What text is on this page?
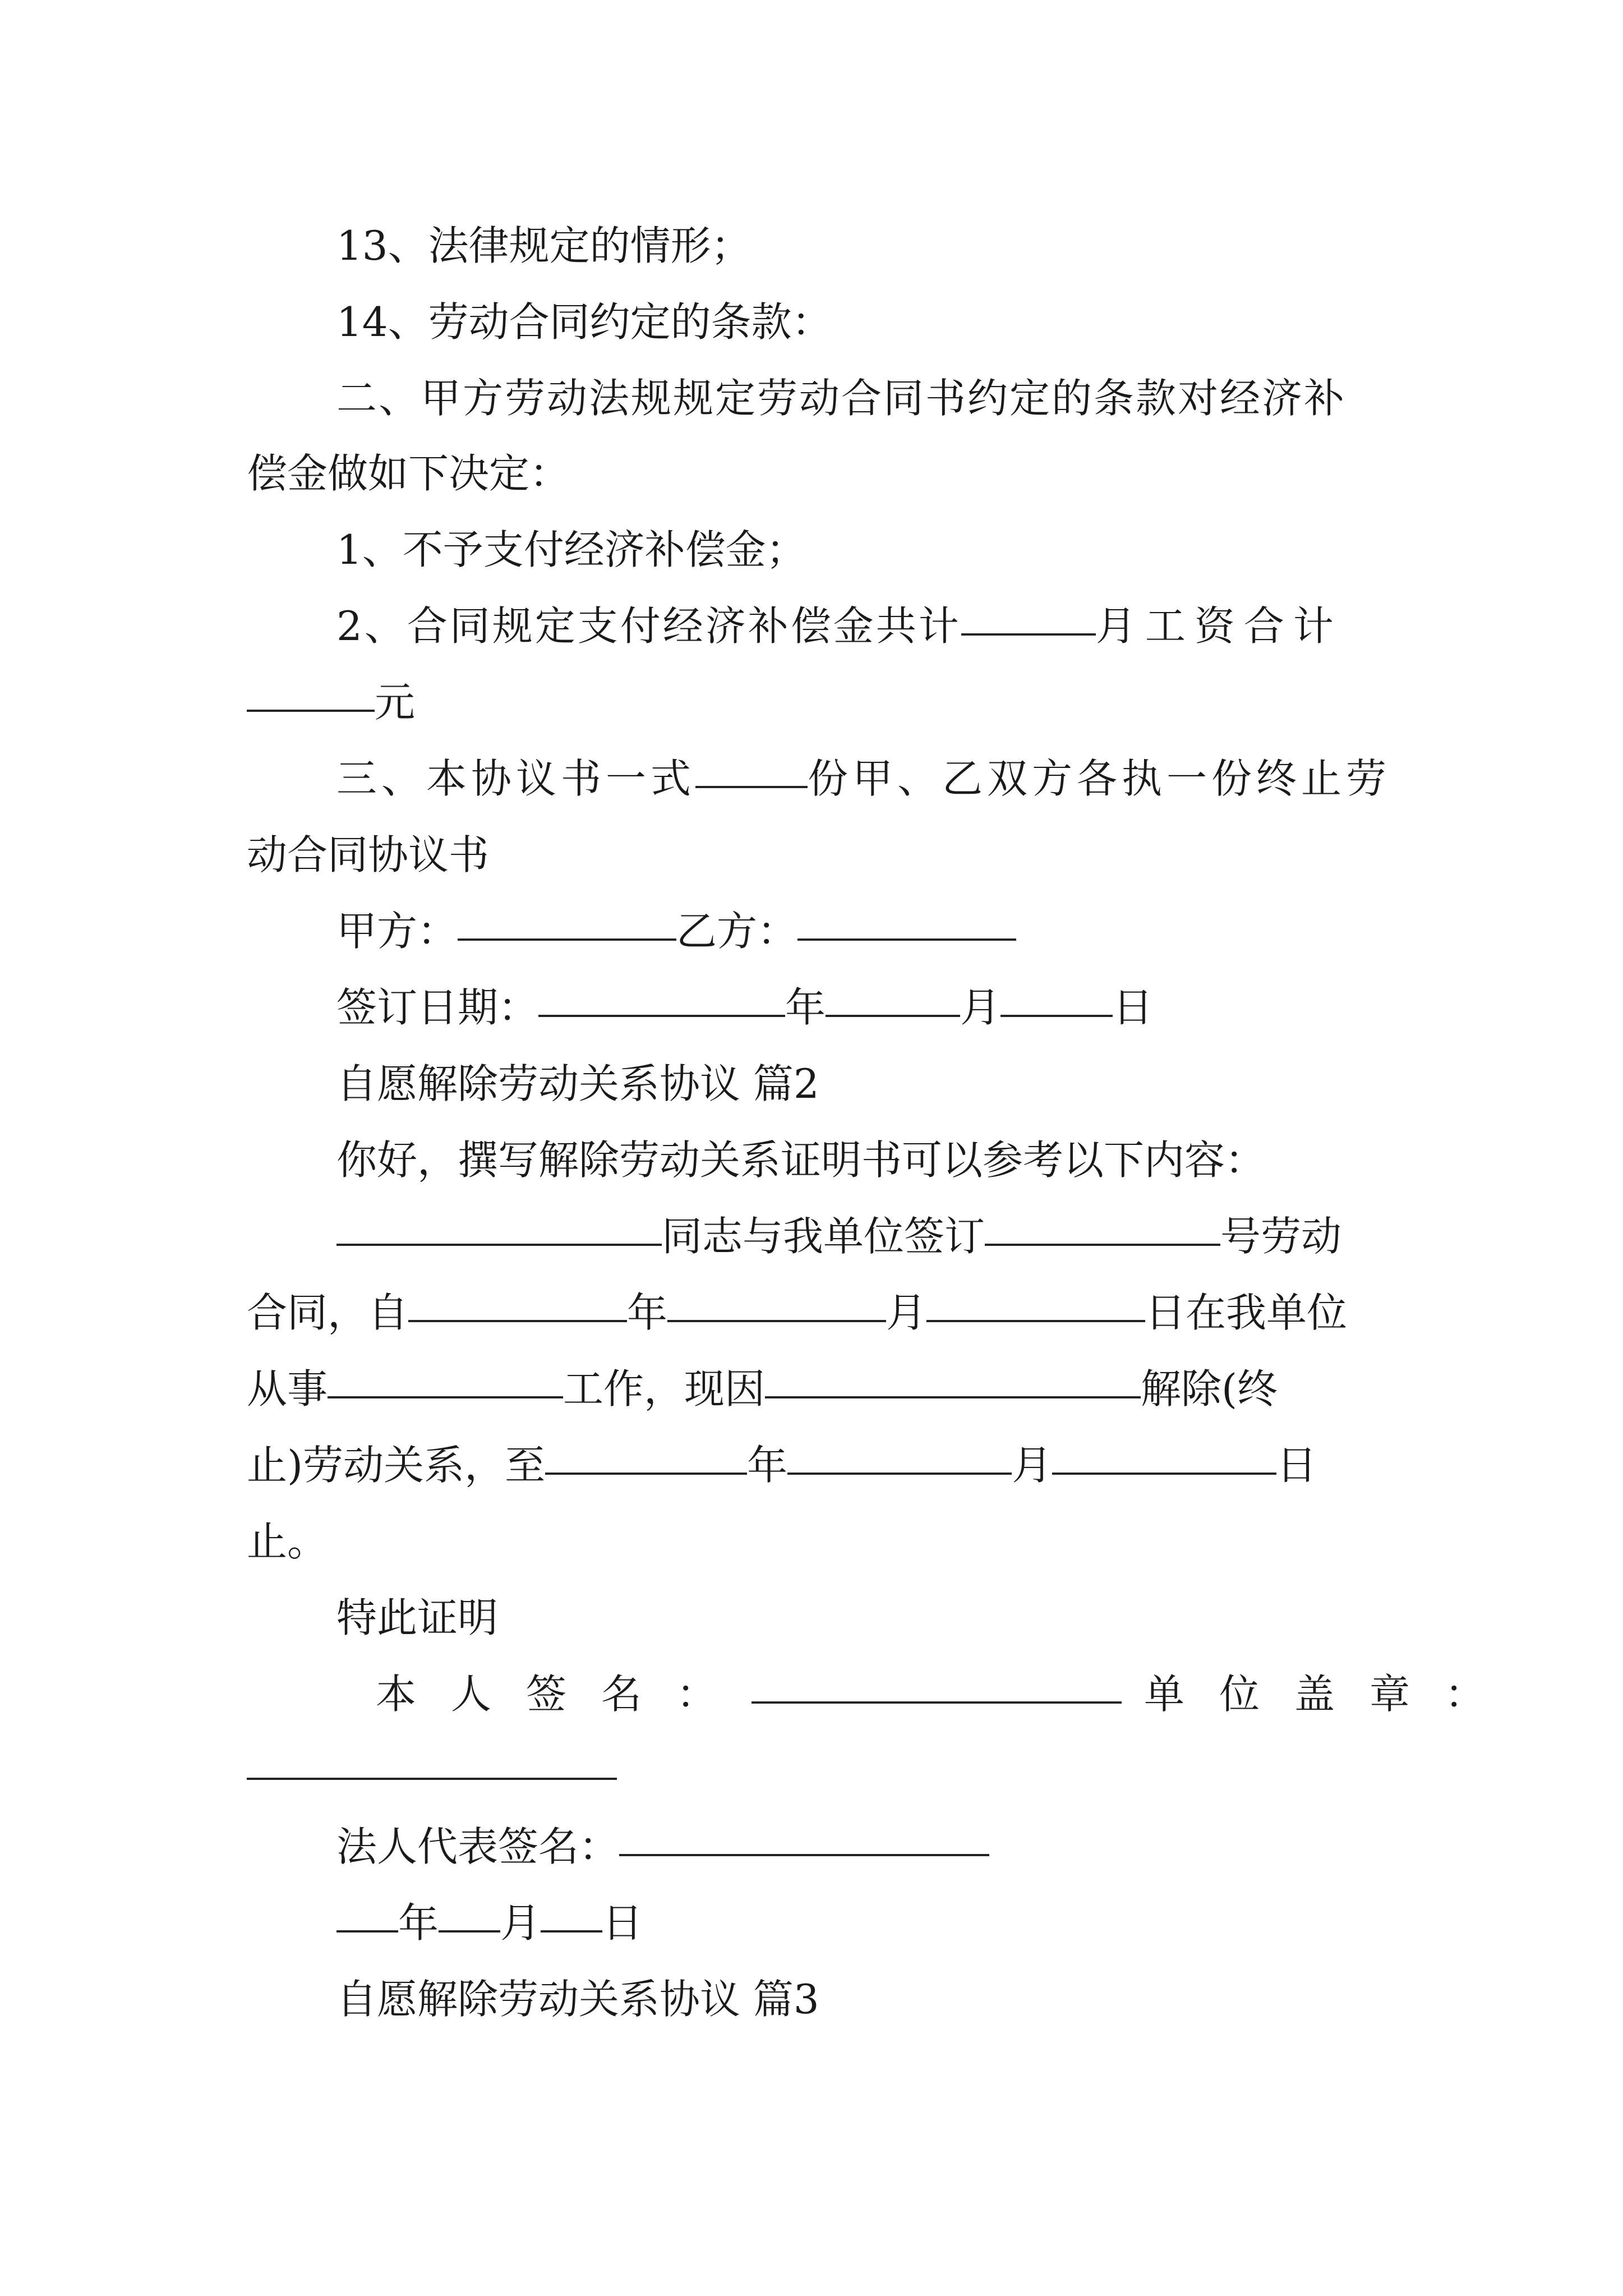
13、法律规定的情形；
14、劳动合同约定的条款：
二、甲方劳动法规规定劳动合同书约定的条款对经济补
偿金做如下决定：
1、不予支付经济补偿金；
2、合同规定支付经济补偿金共计	月工资合计
元
三、本协议书一式	份甲、乙双方各执一份终止劳
动合同协议书
甲方：	乙方：
签订日期：	年	月	日
自愿解除劳动关系协议 篇2
你好，撰写解除劳动关系证明书可以参考以下内容：
同志与我单位签订	号劳动
合同，自	年	月	日在我单位
从事	工作，现因	解除(终
止)劳动关系，至	年	月	日
止。
特此证明
本人签名：	单位盖章：
法人代表签名：
年 月 日
自愿解除劳动关系协议 篇3
